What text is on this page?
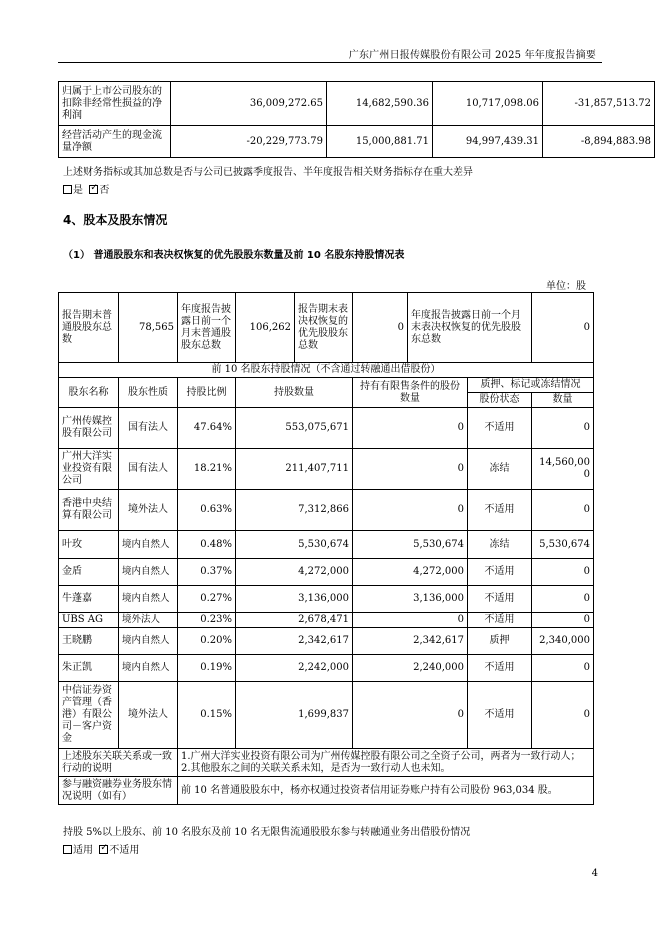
广东广州日报传媒股份有限公司 2025 年年度报告摘要
归属于上市公司股东的扣除非经常性损益的净利润	36,009,272.65	14,682,590.36	10,717,098.06	-31,857,513.72
经营活动产生的现金流量净额	-20,229,773.79	15,000,881.71	94,997,439.31	-8,894,883.98
上述财务指标或其加总数是否与公司已披露季度报告、半年度报告相关财务指标存在重大差异
是 ✓ 否
4、股本及股东情况
（1） 普通股股东和表决权恢复的优先股股东数量及前 10 名股东持股情况表
单位：股
报告期末普通股股东总数	78,565	年度报告披露日前一个月末普通股股东总数	106,262	报告期末表决权恢复的优先股股东总数	0	年度报告披露日前一个月末表决权恢复的优先股股东总数		0
前 10 名股东持股情况（不含通过转融通出借股份）								
股东名称	股东性质	持股比例	持股数量		持有有限售条件的股份数量		质押、标记或冻结情况	
							股份状态	数量
广州传媒控股有限公司	国有法人	47.64%	553,075,671		0		不适用	0
广州大洋实业投资有限公司	国有法人	18.21%	211,407,711		0		冻结	14,560,000
香港中央结算有限公司	境外法人	0.63%	7,312,866		0		不适用	0
叶玫	境内自然人	0.48%	5,530,674		5,530,674		冻结	5,530,674
金盾	境内自然人	0.37%	4,272,000		4,272,000		不适用	0
牛蓬嘉	境内自然人	0.27%	3,136,000		3,136,000		不适用	0
UBS AG	境外法人	0.23%	2,678,471		0		不适用	0
王晓鹏	境内自然人	0.20%	2,342,617		2,342,617		质押	2,340,000
朱正凯	境内自然人	0.19%	2,242,000		2,240,000		不适用	0
中信证券资产管理（香港）有限公司－客户资金	境外法人	0.15%	1,699,837		0		不适用	0
上述股东关联关系或一致行动的说明		1.广州大洋实业投资有限公司为广州传媒控股有限公司之全资子公司，两者为一致行动人；
2.其他股东之间的关联关系未知，是否为一致行动人也未知。						

参与融资融券业务股东情况说明（如有）		前 10 名普通股股东中，杨亦权通过投资者信用证券账户持有公司股份 963,034 股。						
持股 5%以上股东、前 10 名股东及前 10 名无限售流通股股东参与转融通业务出借股份情况
适用 ✓ 不适用
4
